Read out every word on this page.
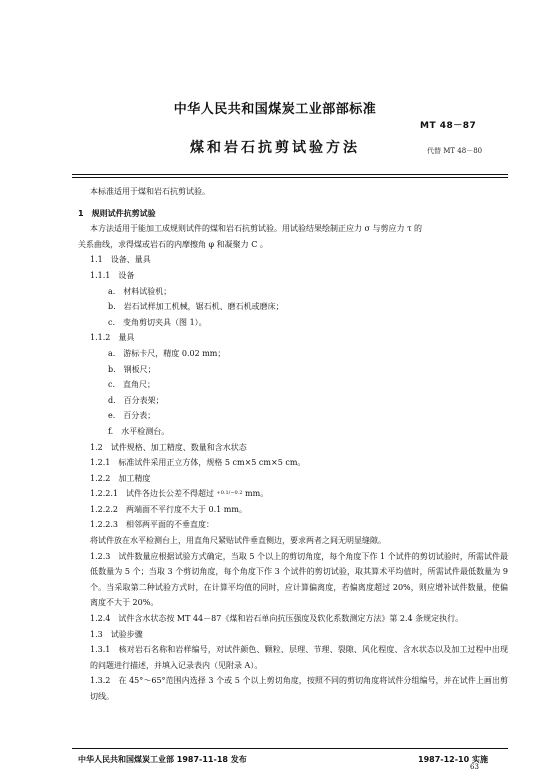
中华人民共和国煤炭工业部部标准
MT 48－87
煤和岩石抗剪试验方法	代替 MT 48－80
本标准适用于煤和岩石抗剪试验。
1　规则试件抗剪试验
本方法适用于能加工成规则试件的煤和岩石抗剪试验。用试验结果绘制正应力 σ 与剪应力 τ 的
关系曲线，求得煤或岩石的内摩擦角 φ 和凝聚力 C 。
1.1　设备、量具
1.1.1　设备
a.　材料试验机；
b.　岩石试样加工机械，锯石机、磨石机或磨床；
c.　变角剪切夹具（图 1）。
1.1.2　量具
a.　游标卡尺，精度 0.02 mm；
b.　钢板尺；
c.　直角尺；
d.　百分表架；
e.　百分表；
f.　水平检测台。
1.2　试件规格、加工精度、数量和含水状态
1.2.1　标准试件采用正立方体，规格 5 cm×5 cm×5 cm。
1.2.2　加工精度
1.2.2.1　试件各边长公差不得超过 $^{+0.1/-0.2}$ mm。
1.2.2.2　两端面不平行度不大于 0.1 mm。
1.2.2.3　相邻两平面的不垂直度：
将试件放在水平检测台上，用直角尺紧贴试件垂直侧边，要求两者之间无明显缝隙。
1.2.3　试件数量应根据试验方式确定，当取 5 个以上的剪切角度，每个角度下作 1 个试件的剪切试验时，所需试件最低数量为 5 个；当取 3 个剪切角度，每个角度下作 3 个试件的剪切试验，取其算术平均值时，所需试件最低数量为 9 个。当采取第二种试验方式时，在计算平均值的同时，应计算偏离度，若偏离度超过 20%，则应增补试件数量，使偏离度不大于 20%。
1.2.4　试件含水状态按 MT 44－87《煤和岩石单向抗压强度及软化系数测定方法》第 2.4 条规定执行。
1.3　试验步骤
1.3.1　核对岩石名称和岩样编号，对试件颜色、颗粒、层理、节理、裂隙、风化程度、含水状态以及加工过程中出现的问题进行描述，并填入记录表内（见附录 A）。
1.3.2　在 45°～65°范围内选择 3 个或 5 个以上剪切角度，按照不同的剪切角度将试件分组编号，并在试件上画出剪切线。
中华人民共和国煤炭工业部 1987-11-18 发布	1987-12-10 实施
63
